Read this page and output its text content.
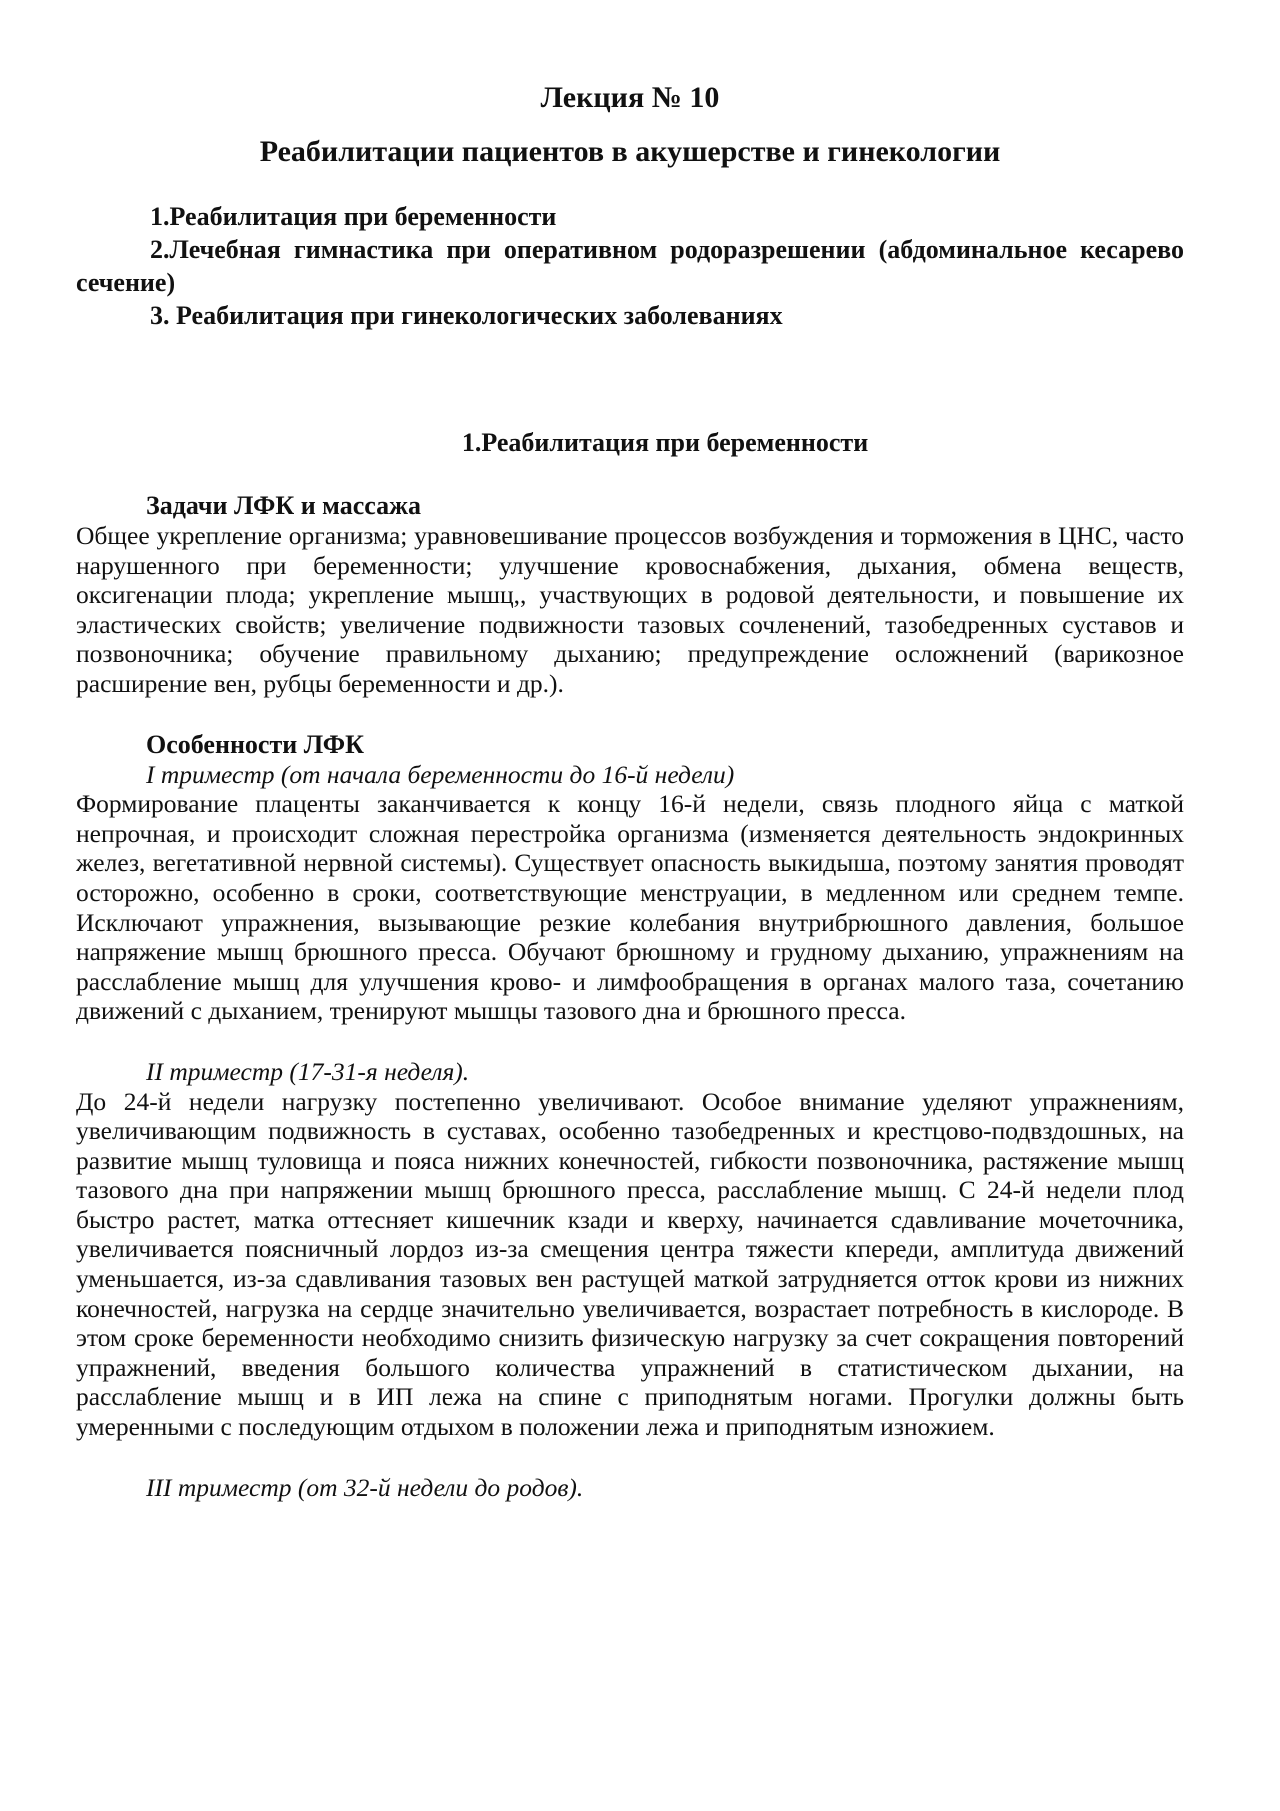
Лекция № 10
Реабилитации пациентов в акушерстве и гинекологии
1.Реабилитация при беременности
2.Лечебная гимнастика при оперативном родоразрешении (абдоминальное кесарево сечение)
3. Реабилитация при гинекологических заболеваниях
1.Реабилитация при беременности
Задачи ЛФК и массажа

Общее укрепление организма; уравновешивание процессов возбуждения и торможения в ЦНС, часто нарушенного при беременности; улучшение кровоснабжения, дыхания, обмена веществ, оксигенации плода; укрепление мышц,, участвующих в родовой деятельности, и повышение их эластических свойств; увеличение подвижности тазовых сочленений, тазобедренных суставов и позвоночника; обучение правильному дыханию; предупреждение осложнений (варикозное расширение вен, рубцы беременности и др.).

Особенности ЛФК
I триместр (от начала беременности до 16-й недели)

Формирование плаценты заканчивается к концу 16-й недели, связь плодного яйца с маткой непрочная, и происходит сложная перестройка организма (изменяется деятельность эндокринных желез, вегетативной нервной системы). Существует опасность выкидыша, поэтому занятия проводят осторожно, особенно в сроки, соответствующие менструации, в медленном или среднем темпе. Исключают упражнения, вызывающие резкие колебания внутрибрюшного давления, большое напряжение мышц брюшного пресса. Обучают брюшному и грудному дыханию, упражнениям на расслабление мышц для улучшения крово- и лимфообращения в органах малого таза, сочетанию движений с дыханием, тренируют мышцы тазового дна и брюшного пресса.

II триместр (17-31-я неделя).

До 24-й недели нагрузку постепенно увеличивают. Особое внимание уделяют упражнениям, увеличивающим подвижность в суставах, особенно тазобедренных и крестцово-подвздошных, на развитие мышц туловища и пояса нижних конечностей, гибкости позвоночника, растяжение мышц тазового дна при напряжении мышц брюшного пресса, расслабление мышц. С 24-й недели плод быстро растет, матка оттесняет кишечник кзади и кверху, начинается сдавливание мочеточника, увеличивается поясничный лордоз из-за смещения центра тяжести кпереди, амплитуда движений уменьшается, из-за сдавливания тазовых вен растущей маткой затрудняется отток крови из нижних конечностей, нагрузка на сердце значительно увеличивается, возрастает потребность в кислороде. В этом сроке беременности необходимо снизить физическую нагрузку за счет сокращения повторений упражнений, введения большого количества упражнений в статистическом дыхании, на расслабление мышц и в ИП лежа на спине с приподнятым ногами. Прогулки должны быть умеренными с последующим отдыхом в положении лежа и приподнятым изножием.

III триместр (от 32-й недели до родов).
